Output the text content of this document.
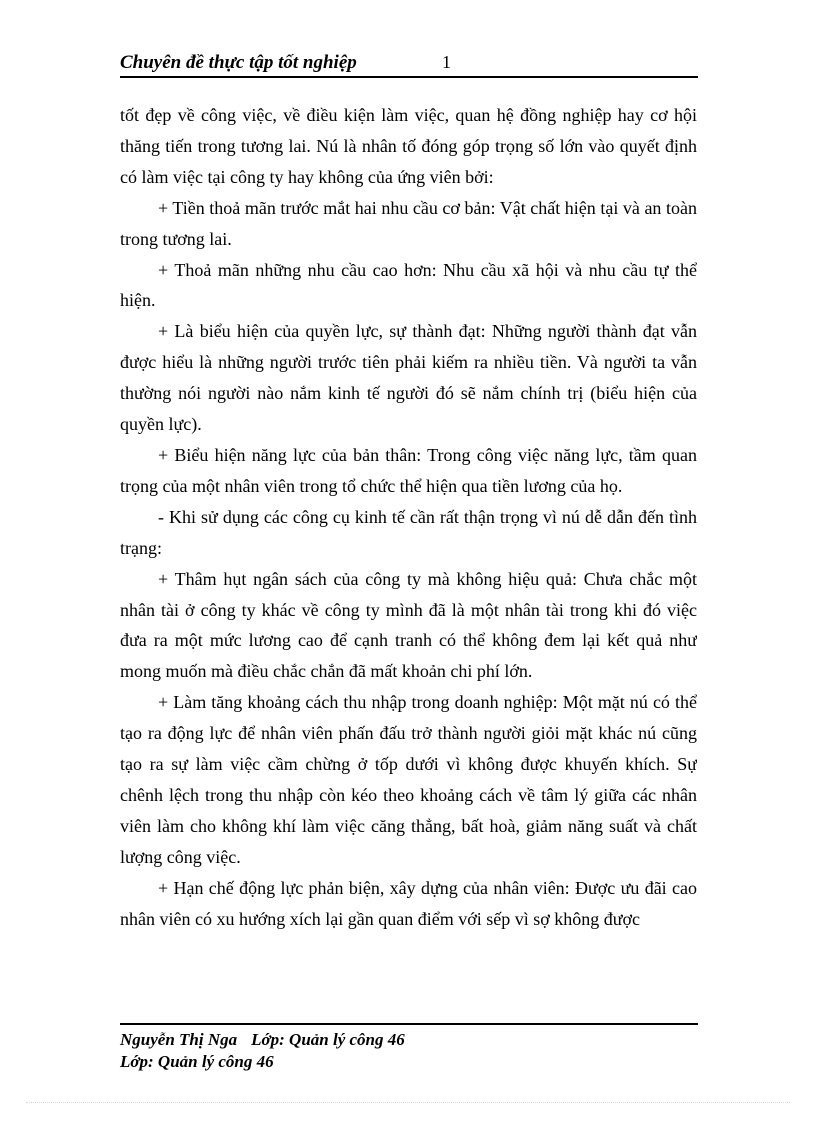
Chuyên đề thực tập tốt nghiệp	1

tốt đẹp về công việc, về điều kiện làm việc, quan hệ đồng nghiệp hay cơ hội thăng tiến trong tương lai. Nú là nhân tố đóng góp trọng số lớn vào quyết định có làm việc tại công ty hay không của ứng viên bởi:

+ Tiền thoả mãn trước mắt hai nhu cầu cơ bản: Vật chất hiện tại và an toàn trong tương lai.

+ Thoả mãn những nhu cầu cao hơn: Nhu cầu xã hội và nhu cầu tự thể hiện.

+ Là biểu hiện của quyền lực, sự thành đạt: Những người thành đạt vẫn được hiểu là những người trước tiên phải kiếm ra nhiều tiền. Và người ta vẫn thường nói người nào nắm kinh tế người đó sẽ nắm chính trị (biểu hiện của quyền lực).

+ Biểu hiện năng lực của bản thân: Trong công việc năng lực, tầm quan trọng của một nhân viên trong tổ chức thể hiện qua tiền lương của họ.

- Khi sử dụng các công cụ kinh tế cần rất thận trọng vì nú dễ dẫn đến tình trạng:

+ Thâm hụt ngân sách của công ty mà không hiệu quả: Chưa chắc một nhân tài ở công ty khác về công ty mình đã là một nhân tài trong khi đó việc đưa ra một mức lương cao để cạnh tranh có thể không đem lại kết quả như mong muốn mà điều chắc chắn đã mất khoản chi phí lớn.

+ Làm tăng khoảng cách thu nhập trong doanh nghiệp: Một mặt nú có thể tạo ra động lực để nhân viên phấn đấu trở thành người giỏi mặt khác nú cũng tạo ra sự làm việc cầm chừng ở tốp dưới vì không được khuyến khích. Sự chênh lệch trong thu nhập còn kéo theo khoảng cách về tâm lý giữa các nhân viên làm cho không khí làm việc căng thẳng, bất hoà, giảm năng suất và chất lượng công việc.

+ Hạn chế động lực phản biện, xây dựng của nhân viên: Được ưu đãi cao nhân viên có xu hướng xích lại gần quan điểm với sếp vì sợ không được

Nguyễn Thị Nga Lớp: Quản lý công 46
Lớp: Quản lý công 46
